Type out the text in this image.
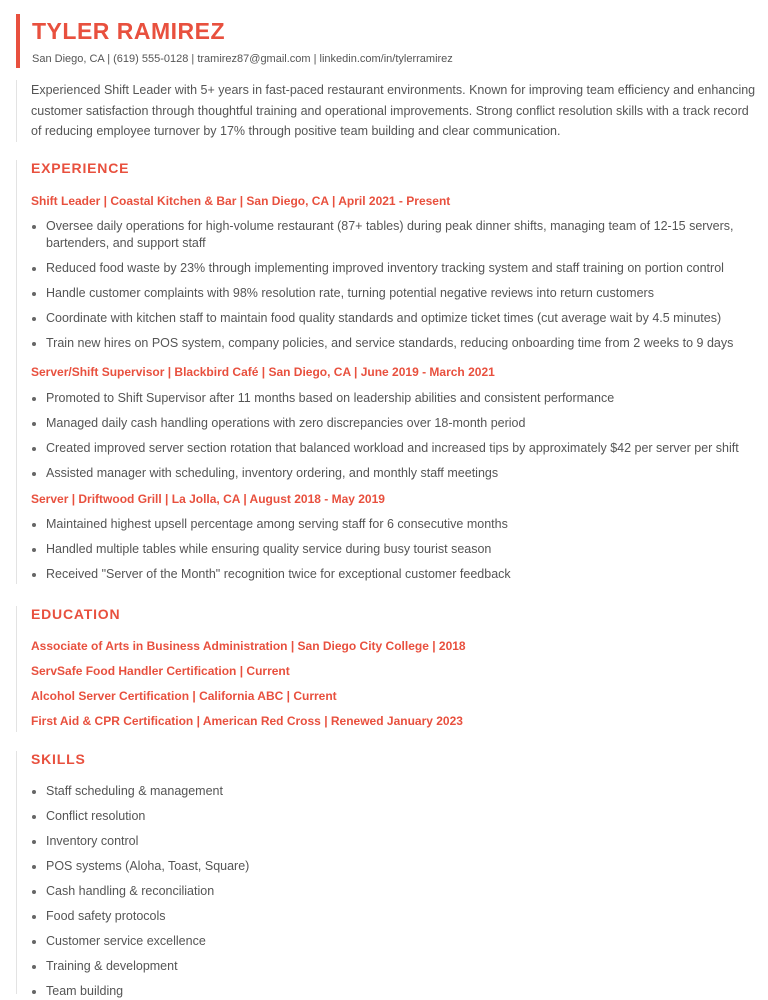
TYLER RAMIREZ
San Diego, CA | (619) 555-0128 | tramirez87@gmail.com | linkedin.com/in/tylerramirez

Experienced Shift Leader with 5+ years in fast-paced restaurant environments. Known for improving team efficiency and enhancing customer satisfaction through thoughtful training and operational improvements. Strong conflict resolution skills with a track record of reducing employee turnover by 17% through positive team building and clear communication.

EXPERIENCE
Shift Leader | Coastal Kitchen & Bar | San Diego, CA | April 2021 - Present
Oversee daily operations for high-volume restaurant (87+ tables) during peak dinner shifts, managing team of 12-15 servers, bartenders, and support staff
Reduced food waste by 23% through implementing improved inventory tracking system and staff training on portion control
Handle customer complaints with 98% resolution rate, turning potential negative reviews into return customers
Coordinate with kitchen staff to maintain food quality standards and optimize ticket times (cut average wait by 4.5 minutes)
Train new hires on POS system, company policies, and service standards, reducing onboarding time from 2 weeks to 9 days
Server/Shift Supervisor | Blackbird Café | San Diego, CA | June 2019 - March 2021
Promoted to Shift Supervisor after 11 months based on leadership abilities and consistent performance
Managed daily cash handling operations with zero discrepancies over 18-month period
Created improved server section rotation that balanced workload and increased tips by approximately $42 per server per shift
Assisted manager with scheduling, inventory ordering, and monthly staff meetings
Server | Driftwood Grill | La Jolla, CA | August 2018 - May 2019
Maintained highest upsell percentage among serving staff for 6 consecutive months
Handled multiple tables while ensuring quality service during busy tourist season
Received "Server of the Month" recognition twice for exceptional customer feedback
EDUCATION
Associate of Arts in Business Administration | San Diego City College | 2018
ServSafe Food Handler Certification | Current
Alcohol Server Certification | California ABC | Current
First Aid & CPR Certification | American Red Cross | Renewed January 2023
SKILLS
Staff scheduling & management
Conflict resolution
Inventory control
POS systems (Aloha, Toast, Square)
Cash handling & reconciliation
Food safety protocols
Customer service excellence
Training & development
Team building
